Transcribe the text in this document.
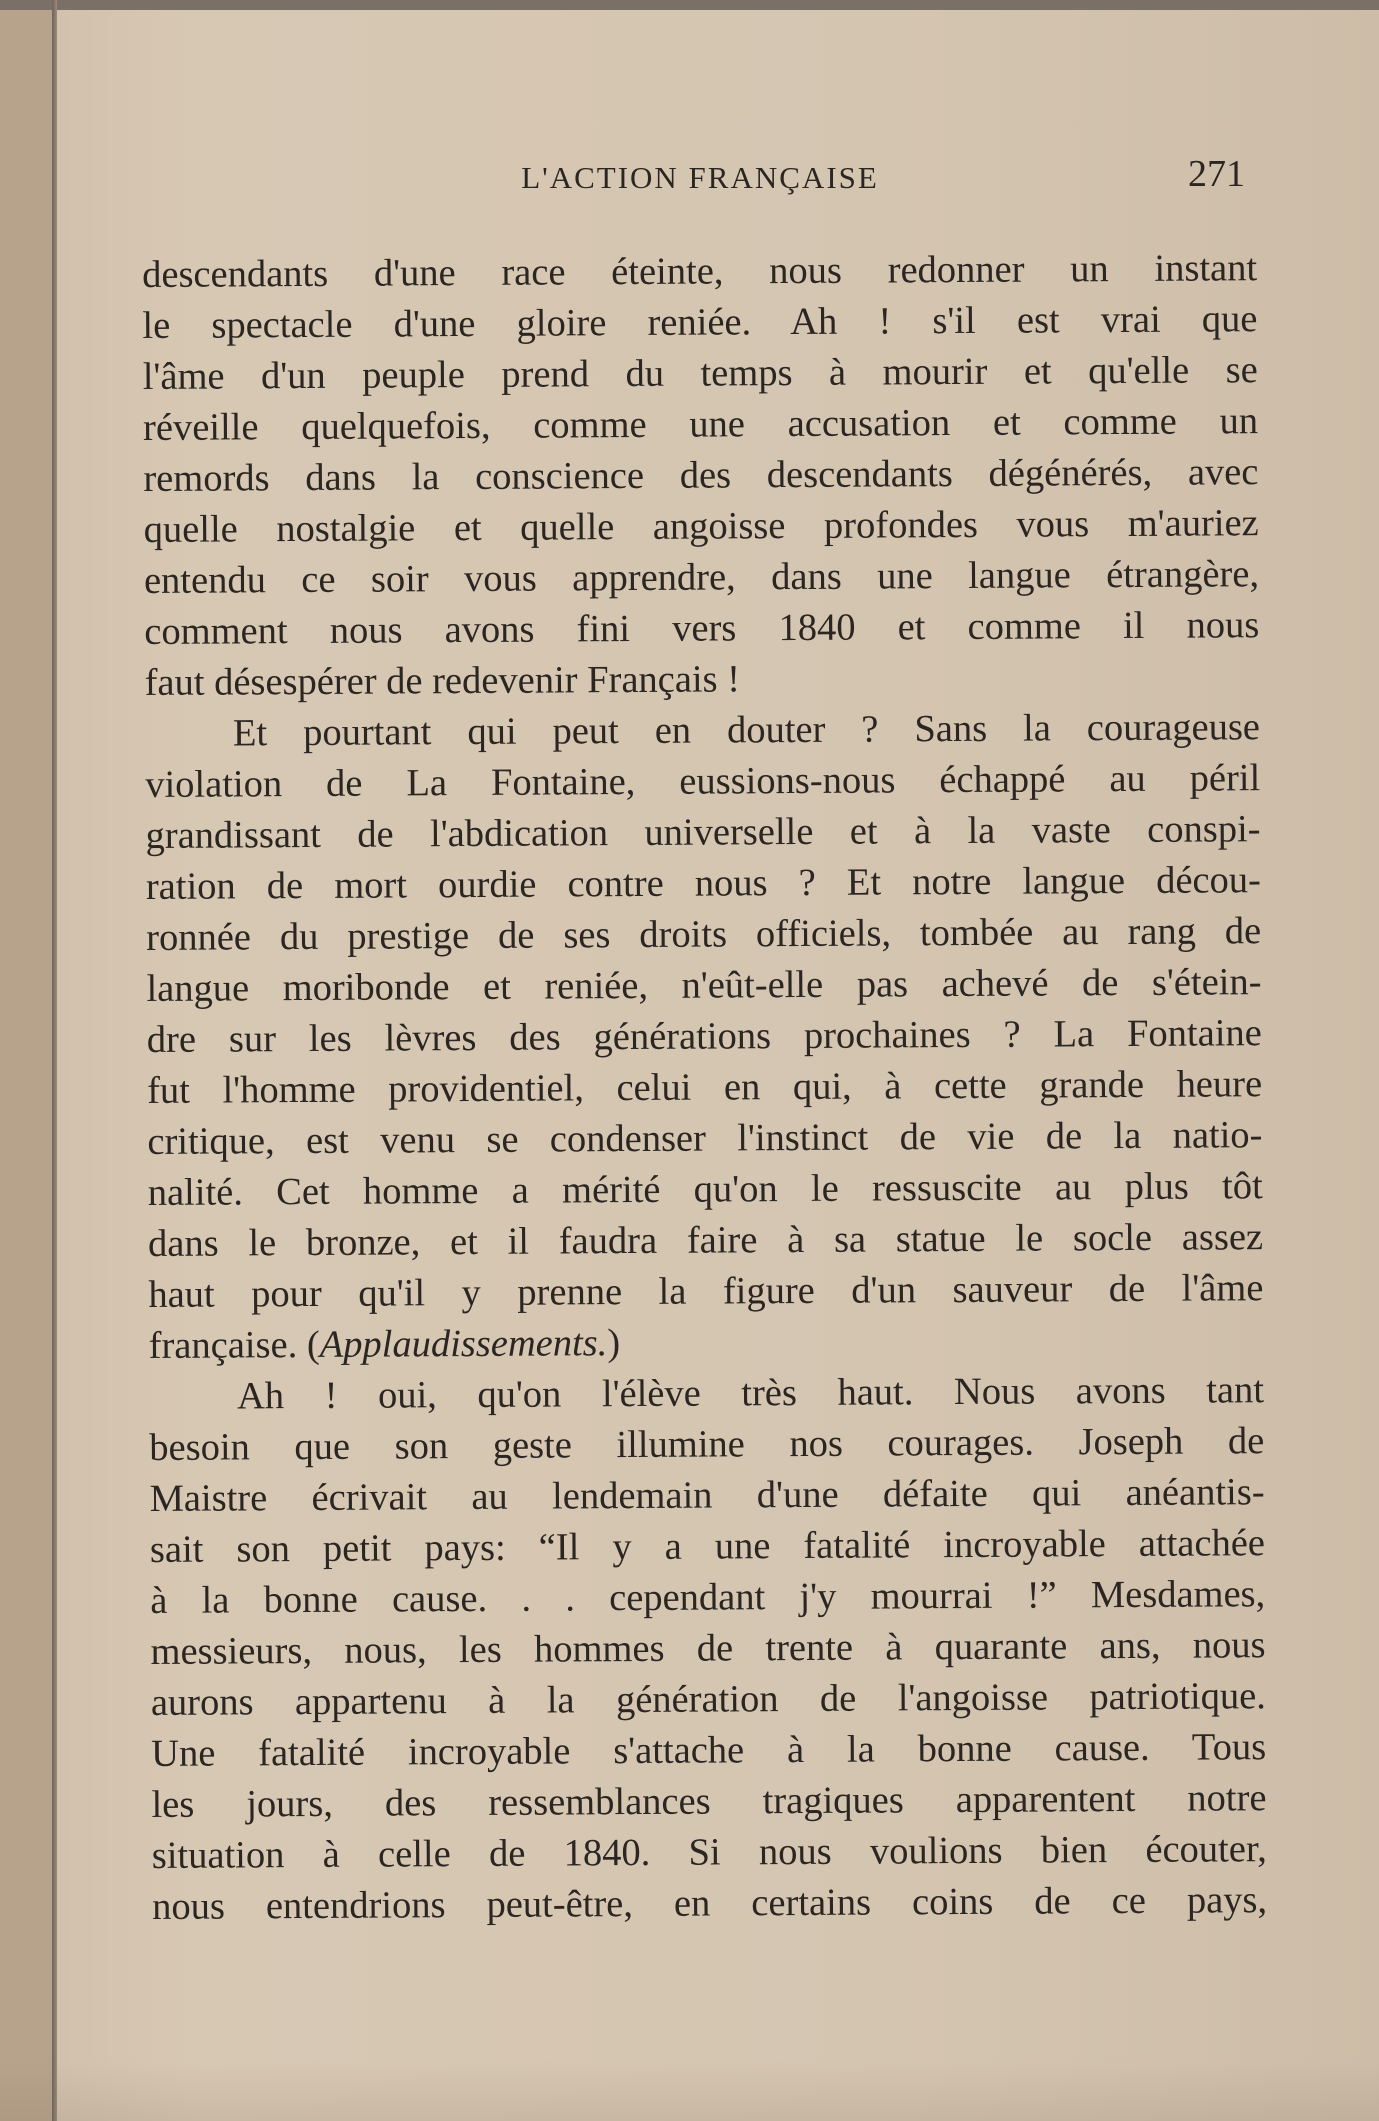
L'ACTION FRANÇAISE	271
descendants d'une race éteinte, nous redonner un instant
le spectacle d'une gloire reniée. Ah ! s'il est vrai que
l'âme d'un peuple prend du temps à mourir et qu'elle se
réveille quelquefois, comme une accusation et comme un
remords dans la conscience des descendants dégénérés, avec
quelle nostalgie et quelle angoisse profondes vous m'auriez
entendu ce soir vous apprendre, dans une langue étrangère,
comment nous avons fini vers 1840 et comme il nous
faut désespérer de redevenir Français !
Et pourtant qui peut en douter ? Sans la courageuse
violation de La Fontaine, eussions-nous échappé au péril
grandissant de l'abdication universelle et à la vaste conspi-
ration de mort ourdie contre nous ? Et notre langue décou-
ronnée du prestige de ses droits officiels, tombée au rang de
langue moribonde et reniée, n'eût-elle pas achevé de s'étein-
dre sur les lèvres des générations prochaines ? La Fontaine
fut l'homme providentiel, celui en qui, à cette grande heure
critique, est venu se condenser l'instinct de vie de la natio-
nalité. Cet homme a mérité qu'on le ressuscite au plus tôt
dans le bronze, et il faudra faire à sa statue le socle assez
haut pour qu'il y prenne la figure d'un sauveur de l'âme
française. (Applaudissements.)
Ah ! oui, qu'on l'élève très haut. Nous avons tant
besoin que son geste illumine nos courages. Joseph de
Maistre écrivait au lendemain d'une défaite qui anéantis-
sait son petit pays: “Il y a une fatalité incroyable attachée
à la bonne cause. . . cependant j'y mourrai !” Mesdames,
messieurs, nous, les hommes de trente à quarante ans, nous
aurons appartenu à la génération de l'angoisse patriotique.
Une fatalité incroyable s'attache à la bonne cause. Tous
les jours, des ressemblances tragiques apparentent notre
situation à celle de 1840. Si nous voulions bien écouter,
nous entendrions peut-être, en certains coins de ce pays,
